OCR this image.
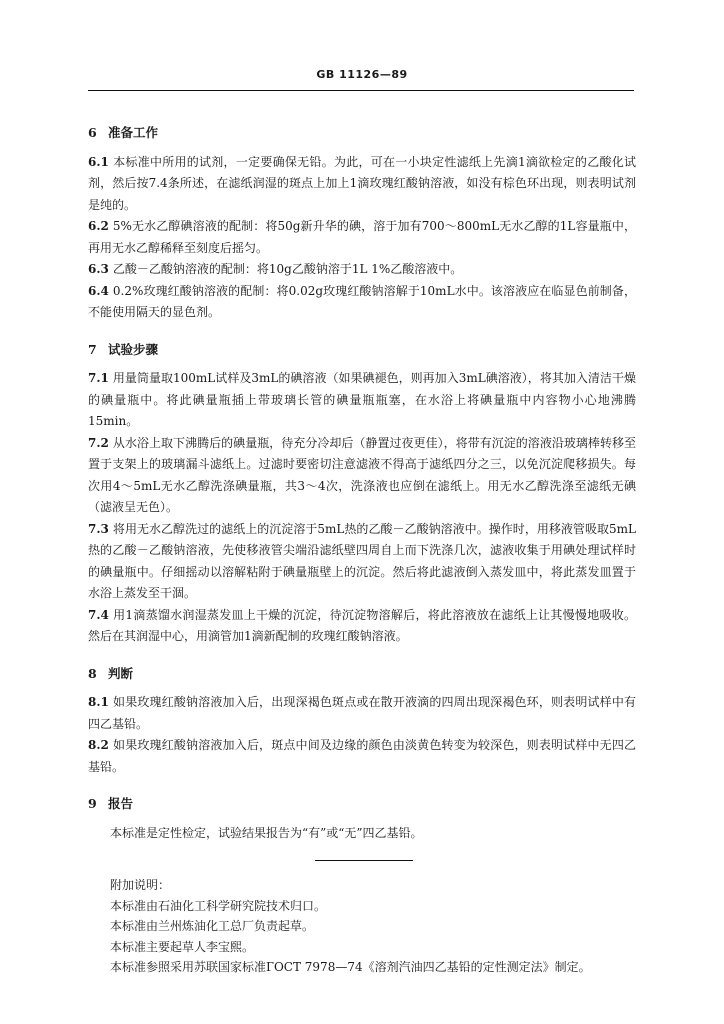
GB 11126—89
6 准备工作

6.1 本标准中所用的试剂，一定要确保无铅。为此，可在一小块定性滤纸上先滴1滴欲检定的乙酸化试剂，然后按7.4条所述，在滤纸润湿的斑点上加上1滴玫瑰红酸钠溶液，如没有棕色环出现，则表明试剂是纯的。

6.2 5%无水乙醇碘溶液的配制：将50g新升华的碘，溶于加有700～800mL无水乙醇的1L容量瓶中，再用无水乙醇稀释至刻度后摇匀。

6.3 乙酸－乙酸钠溶液的配制：将10g乙酸钠溶于1L 1%乙酸溶液中。

6.4 0.2%玫瑰红酸钠溶液的配制：将0.02g玫瑰红酸钠溶解于10mL水中。该溶液应在临显色前制备，不能使用隔天的显色剂。

7 试验步骤

7.1 用量筒量取100mL试样及3mL的碘溶液（如果碘褪色，则再加入3mL碘溶液），将其加入清洁干燥的碘量瓶中。将此碘量瓶插上带玻璃长管的碘量瓶瓶塞，在水浴上将碘量瓶中内容物小心地沸腾15min。

7.2 从水浴上取下沸腾后的碘量瓶，待充分冷却后（静置过夜更佳），将带有沉淀的溶液沿玻璃棒转移至置于支架上的玻璃漏斗滤纸上。过滤时要密切注意滤液不得高于滤纸四分之三，以免沉淀爬移损失。每次用4～5mL无水乙醇洗涤碘量瓶，共3～4次，洗涤液也应倒在滤纸上。用无水乙醇洗涤至滤纸无碘（滤液呈无色）。

7.3 将用无水乙醇洗过的滤纸上的沉淀溶于5mL热的乙酸－乙酸钠溶液中。操作时，用移液管吸取5mL热的乙酸－乙酸钠溶液，先使移液管尖端沿滤纸壁四周自上而下洗涤几次，滤液收集于用碘处理试样时的碘量瓶中。仔细摇动以溶解粘附于碘量瓶壁上的沉淀。然后将此滤液倒入蒸发皿中，将此蒸发皿置于水浴上蒸发至干涸。

7.4 用1滴蒸馏水润湿蒸发皿上干燥的沉淀，待沉淀物溶解后，将此溶液放在滤纸上让其慢慢地吸收。然后在其润湿中心，用滴管加1滴新配制的玫瑰红酸钠溶液。

8 判断

8.1 如果玫瑰红酸钠溶液加入后，出现深褐色斑点或在散开液滴的四周出现深褐色环，则表明试样中有四乙基铅。

8.2 如果玫瑰红酸钠溶液加入后，斑点中间及边缘的颜色由淡黄色转变为较深色，则表明试样中无四乙基铅。

9 报告

本标准是定性检定，试验结果报告为“有”或“无”四乙基铅。

附加说明：
本标准由石油化工科学研究院技术归口。
本标准由兰州炼油化工总厂负责起草。
本标准主要起草人李宝熙。
本标准参照采用苏联国家标准ГОСТ 7978—74《溶剂汽油四乙基铅的定性测定法》制定。
